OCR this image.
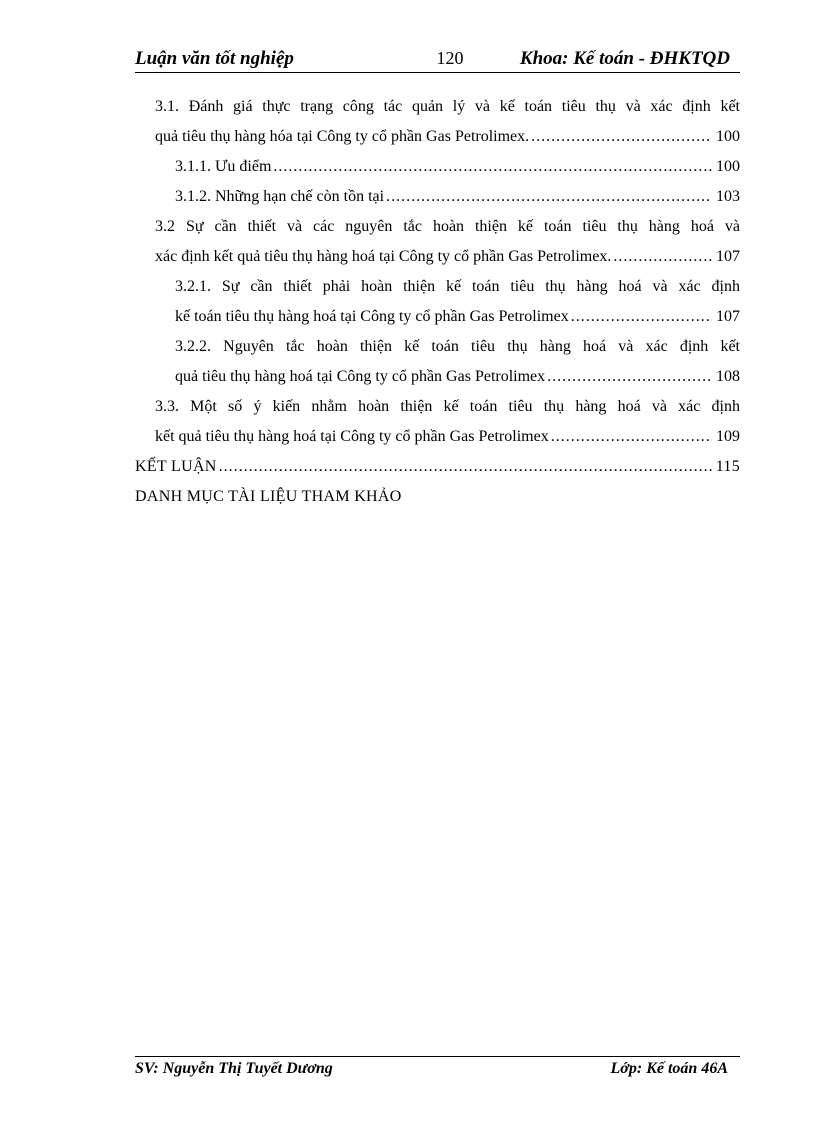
Luận văn tốt nghiệp	120	Khoa: Kế toán - ĐHKTQD
3.1. Đánh giá thực trạng công tác quản lý và kế toán tiêu thụ và xác định kết
quả tiêu thụ hàng hóa tại Công ty cổ phần Gas Petrolimex. .....	100
3.1.1. Ưu điểm .....	100
3.1.2. Những hạn chế còn tồn tại .....	103
3.2 Sự cần thiết và các nguyên tắc hoàn thiện kế toán tiêu thụ hàng hoá và
xác định kết quả tiêu thụ hàng hoá tại Công ty cổ phần Gas Petrolimex. .....	107
3.2.1. Sự cần thiết phải hoàn thiện kế toán tiêu thụ hàng hoá và xác định
kế toán tiêu thụ hàng hoá tại Công ty cổ phần Gas Petrolimex .....	107
3.2.2. Nguyên tắc hoàn thiện kế toán tiêu thụ hàng hoá và xác định kết
quả tiêu thụ hàng hoá tại Công ty cổ phần Gas Petrolimex .....	108
3.3. Một số ý kiến nhằm hoàn thiện kế toán tiêu thụ hàng hoá và xác định
kết quả tiêu thụ hàng hoá tại Công ty cổ phần Gas Petrolimex .....	109
KẾT LUẬN .....	115
DANH MỤC TÀI LIỆU THAM KHẢO
SV: Nguyễn Thị Tuyết Dương	Lớp: Kế toán 46A
